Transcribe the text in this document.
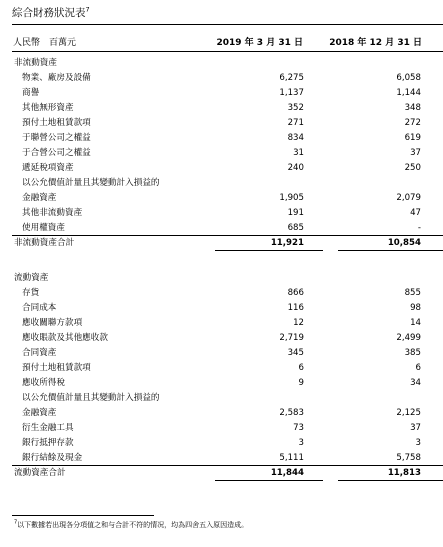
綜合財務狀況表$^7$
人民幣　百萬元	2019 年 3 月 31 日	2018 年 12 月 31 日
非流動資產
物業、廠房及設備	6,275	6,058
商譽	1,137	1,144
其他無形資產	352	348
預付土地租賃款項	271	272
于聯營公司之權益	834	619
于合營公司之權益	31	37
遞延稅項資產	240	250
以公允價值計量且其變動計入損益的
金融資產	1,905	2,079
其他非流動資產	191	47
使用權資產	685	-
非流動資產合計	11,921	10,854
流動資產
存貨	866	855
合同成本	116	98
應收關聯方款項	12	14
應收賬款及其他應收款	2,719	2,499
合同資產	345	385
預付土地租賃款項	6	6
應收所得稅	9	34
以公允價值計量且其變動計入損益的
金融資產	2,583	2,125
衍生金融工具	73	37
銀行抵押存款	3	3
銀行結餘及現金	5,111	5,758
流動資產合計	11,844	11,813
$^7$以下數據若出現各分項值之和与合計不符的情况，均為四舍五入原因造成。
